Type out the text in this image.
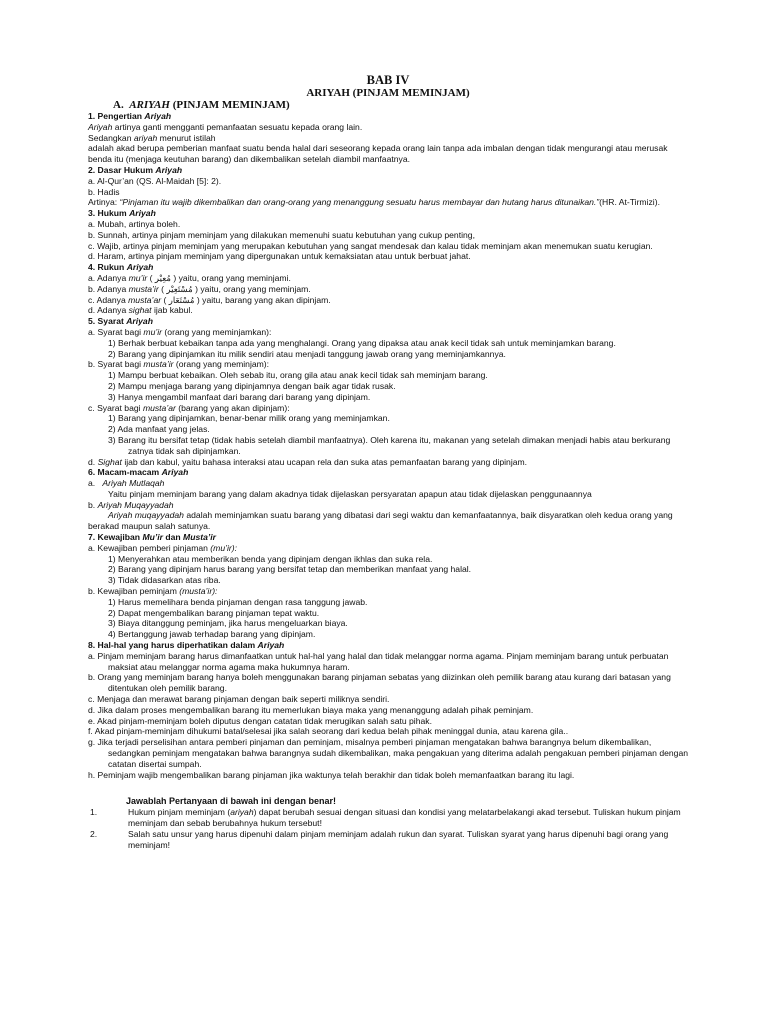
BAB IV
ARIYAH (PINJAM MEMINJAM)
A. ARIYAH (PINJAM MEMINJAM)
1. Pengertian Ariyah
Ariyah artinya ganti mengganti pemanfaatan sesuatu kepada orang lain.
Sedangkan ariyah menurut istilah
adalah akad berupa pemberian manfaat suatu benda halal dari seseorang kepada orang lain tanpa ada imbalan dengan tidak mengurangi atau merusak benda itu (menjaga keutuhan barang) dan dikembalikan setelah diambil manfaatnya.
2. Dasar Hukum Ariyah
a. Al-Qur’an (QS. Al-Maidah [5]: 2).
b. Hadis
Artinya: “Pinjaman itu wajib dikembalikan dan orang-orang yang menanggung sesuatu harus membayar dan hutang harus ditunaikan.”(HR. At-Tirmizi).
3. Hukum Ariyah
a. Mubah, artinya boleh.
b. Sunnah, artinya pinjam meminjam yang dilakukan memenuhi suatu kebutuhan yang cukup penting,
c. Wajib, artinya pinjam meminjam yang merupakan kebutuhan yang sangat mendesak dan kalau tidak meminjam akan menemukan suatu kerugian.
d. Haram, artinya pinjam meminjam yang dipergunakan untuk kemaksiatan atau untuk berbuat jahat.
4. Rukun Ariyah
a. Adanya mu’ir ( مُعِيْر ) yaitu, orang yang meminjami.
b. Adanya musta’ir ( مُسْتَعِيْر ) yaitu, orang yang meminjam.
c. Adanya musta’ar ( مُسْتَعَار ) yaitu, barang yang akan dipinjam.
d. Adanya sighat ijab kabul.
5. Syarat Ariyah
a. Syarat bagi mu’ir (orang yang meminjamkan):
1) Berhak berbuat kebaikan tanpa ada yang menghalangi. Orang yang dipaksa atau anak kecil tidak sah untuk meminjamkan barang.
2) Barang yang dipinjamkan itu milik sendiri atau menjadi tanggung jawab orang yang meminjamkannya.
b. Syarat bagi musta’ir (orang yang meminjam):
1) Mampu berbuat kebaikan. Oleh sebab itu, orang gila atau anak kecil tidak sah meminjam barang.
2) Mampu menjaga barang yang dipinjamnya dengan baik agar tidak rusak.
3) Hanya mengambil manfaat dari barang dari barang yang dipinjam.
c. Syarat bagi musta’ar (barang yang akan dipinjam):
1) Barang yang dipinjamkan, benar-benar milik orang yang meminjamkan.
2) Ada manfaat yang jelas.
3) Barang itu bersifat tetap (tidak habis setelah diambil manfaatnya). Oleh karena itu, makanan yang setelah dimakan menjadi habis atau berkurang zatnya tidak sah dipinjamkan.
d. Sighat ijab dan kabul, yaitu bahasa interaksi atau ucapan rela dan suka atas pemanfaatan barang yang dipinjam.
6. Macam-macam Ariyah
a.   Ariyah Mutlaqah
Yaitu pinjam meminjam barang yang dalam akadnya tidak dijelaskan persyaratan apapun atau tidak dijelaskan penggunaannya
b. Ariyah Muqayyadah
Ariyah muqayyadah adalah meminjamkan suatu barang yang dibatasi dari segi waktu dan kemanfaatannya, baik disyaratkan oleh kedua orang yang berakad maupun salah satunya.
7. Kewajiban Mu’ir dan Musta’ir
a. Kewajiban pemberi pinjaman (mu’ir):
1) Menyerahkan atau memberikan benda yang dipinjam dengan ikhlas dan suka rela.
2) Barang yang dipinjam harus barang yang bersifat tetap dan memberikan manfaat yang halal.
3) Tidak didasarkan atas riba.
b. Kewajiban peminjam (musta’ir):
1) Harus memelihara benda pinjaman dengan rasa tanggung jawab.
2) Dapat mengembalikan barang pinjaman tepat waktu.
3) Biaya ditanggung peminjam, jika harus mengeluarkan biaya.
4) Bertanggung jawab terhadap barang yang dipinjam.
8. Hal-hal yang harus diperhatikan dalam Ariyah
a. Pinjam meminjam barang harus dimanfaatkan untuk hal-hal yang halal dan tidak melanggar norma agama. Pinjam meminjam barang untuk perbuatan maksiat atau melanggar norma agama maka hukumnya haram.
b. Orang yang meminjam barang hanya boleh menggunakan barang pinjaman sebatas yang diizinkan oleh pemilik barang atau kurang dari batasan yang ditentukan oleh pemilik barang.
c. Menjaga dan merawat barang pinjaman dengan baik seperti miliknya sendiri.
d. Jika dalam proses mengembalikan barang itu memerlukan biaya maka yang menanggung adalah pihak peminjam.
e. Akad pinjam-meminjam boleh diputus dengan catatan tidak merugikan salah satu pihak.
f. Akad pinjam-meminjam dihukumi batal/selesai jika salah seorang dari kedua belah pihak meninggal dunia, atau karena gila..
g. Jika terjadi perselisihan antara pemberi pinjaman dan peminjam, misalnya pemberi pinjaman mengatakan bahwa barangnya belum dikembalikan, sedangkan peminjam mengatakan bahwa barangnya sudah dikembalikan, maka pengakuan yang diterima adalah pengakuan pemberi pinjaman dengan catatan disertai sumpah.
h. Peminjam wajib mengembalikan barang pinjaman jika waktunya telah berakhir dan tidak boleh memanfaatkan barang itu lagi.
Jawablah Pertanyaan di bawah ini dengan benar!
1.	Hukum pinjam meminjam (ariyah) dapat berubah sesuai dengan situasi dan kondisi yang melatarbelakangi akad tersebut. Tuliskan hukum pinjam meminjam dan sebab berubahnya hukum tersebut!
2.	Salah satu unsur yang harus dipenuhi dalam pinjam meminjam adalah rukun dan syarat. Tuliskan syarat yang harus dipenuhi bagi orang yang meminjam!
